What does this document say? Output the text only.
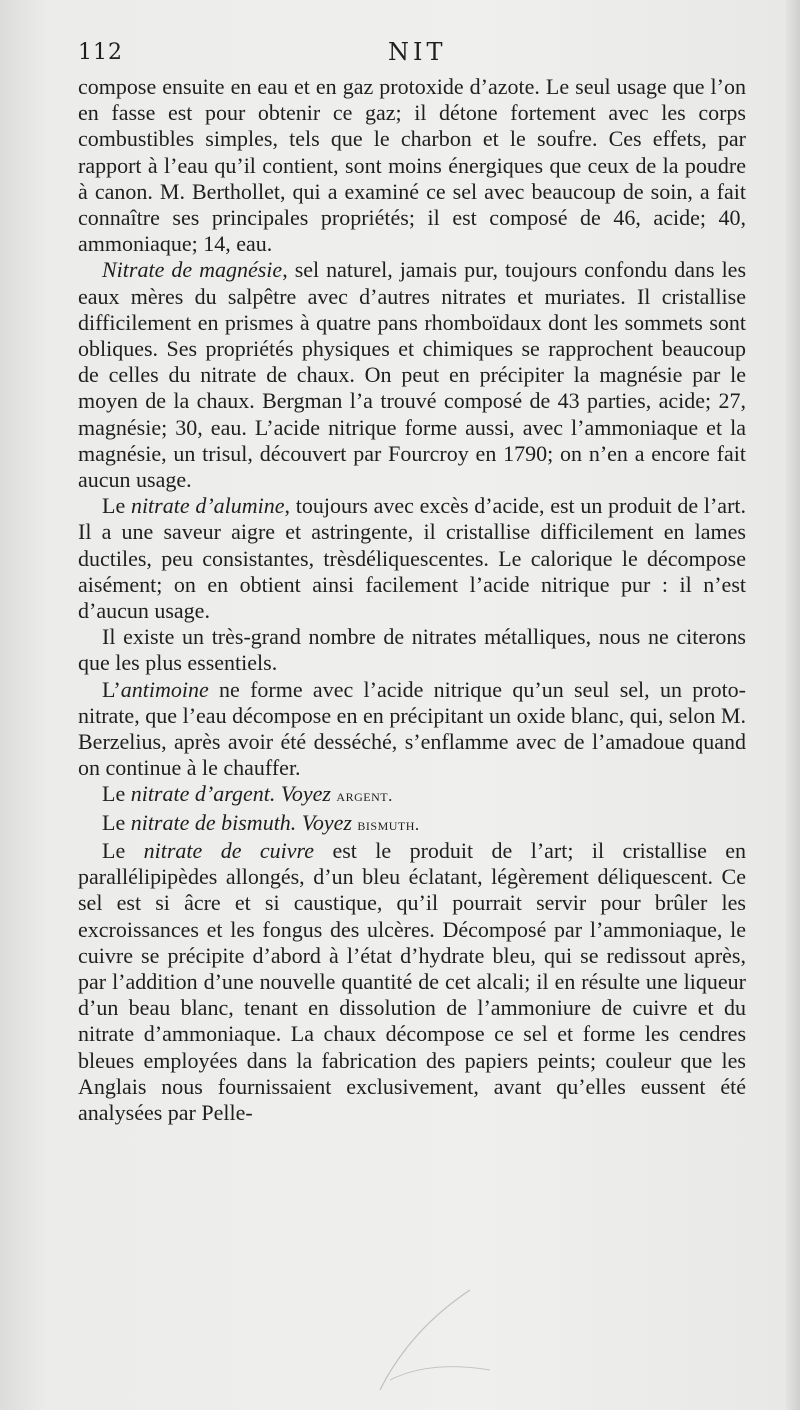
112	NIT

compose ensuite en eau et en gaz protoxide d’azote. Le seul usage que l’on en fasse est pour obtenir ce gaz; il détone fortement avec les corps combustibles simples, tels que le charbon et le soufre. Ces effets, par rapport à l’eau qu’il contient, sont moins énergiques que ceux de la poudre à canon. M. Berthollet, qui a examiné ce sel avec beaucoup de soin, a fait connaître ses principales propriétés; il est composé de 46, acide; 40, ammoniaque; 14, eau.

Nitrate de magnésie, sel naturel, jamais pur, toujours confondu dans les eaux mères du salpêtre avec d’autres nitrates et muriates. Il cristallise difficilement en prismes à quatre pans rhomboïdaux dont les sommets sont obliques. Ses propriétés physiques et chimiques se rapprochent beaucoup de celles du nitrate de chaux. On peut en précipiter la magnésie par le moyen de la chaux. Bergman l’a trouvé composé de 43 parties, acide; 27, magnésie; 30, eau. L’acide nitrique forme aussi, avec l’ammoniaque et la magnésie, un trisul, découvert par Fourcroy en 1790; on n’en a encore fait aucun usage.

Le nitrate d’alumine, toujours avec excès d’acide, est un produit de l’art. Il a une saveur aigre et astringente, il cristallise difficilement en lames ductiles, peu consistantes, trèsdéliquescentes. Le calorique le décompose aisément; on en obtient ainsi facilement l’acide nitrique pur : il n’est d’aucun usage.

Il existe un très-grand nombre de nitrates métalliques, nous ne citerons que les plus essentiels.

L’antimoine ne forme avec l’acide nitrique qu’un seul sel, un proto-nitrate, que l’eau décompose en en précipitant un oxide blanc, qui, selon M. Berzelius, après avoir été desséché, s’enflamme avec de l’amadoue quand on continue à le chauffer.

Le nitrate d’argent. Voyez argent.

Le nitrate de bismuth. Voyez bismuth.

Le nitrate de cuivre est le produit de l’art; il cristallise en parallélipipèdes allongés, d’un bleu éclatant, légèrement déliquescent. Ce sel est si âcre et si caustique, qu’il pourrait servir pour brûler les excroissances et les fongus des ulcères. Décomposé par l’ammoniaque, le cuivre se précipite d’abord à l’état d’hydrate bleu, qui se redissout après, par l’addition d’une nouvelle quantité de cet alcali; il en résulte une liqueur d’un beau blanc, tenant en dissolution de l’ammoniure de cuivre et du nitrate d’ammoniaque. La chaux décompose ce sel et forme les cendres bleues employées dans la fabrication des papiers peints; couleur que les Anglais nous fournissaient exclusivement, avant qu’elles eussent été analysées par Pelle-
